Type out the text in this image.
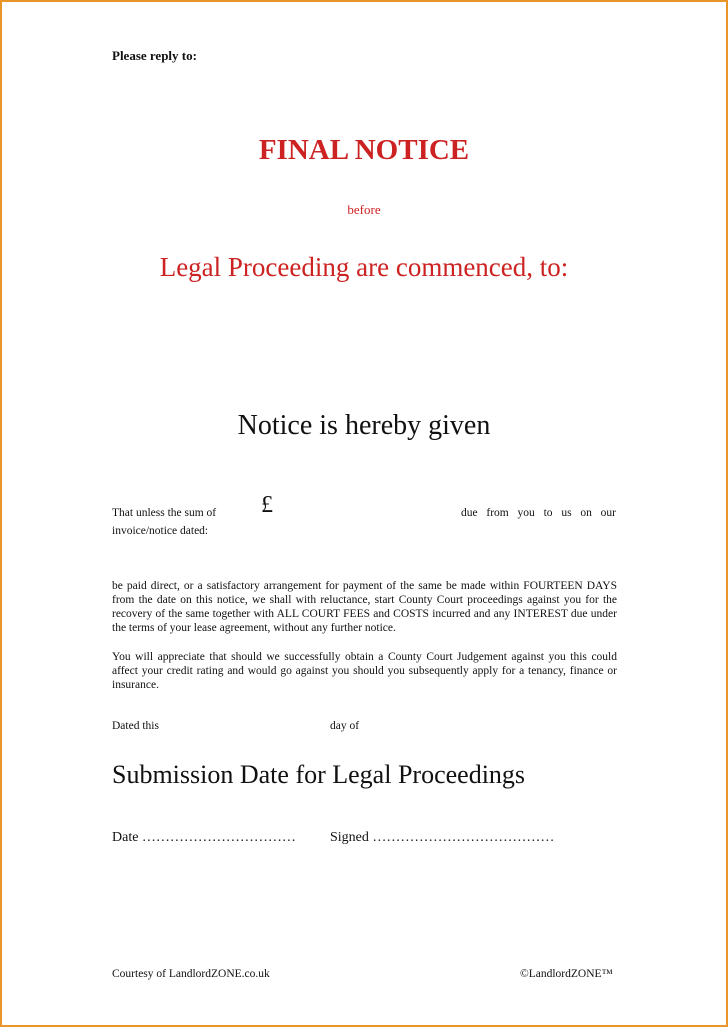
Please reply to:
FINAL NOTICE
before
Legal Proceeding are commenced, to:
Notice is hereby given
That unless the sum of £	due from you to us on our
invoice/notice dated:
be paid direct, or a satisfactory arrangement for payment of the same be made within FOURTEEN DAYS from the date on this notice, we shall with reluctance, start County Court proceedings against you for the recovery of the same together with ALL COURT FEES and COSTS incurred and any INTEREST due under the terms of your lease agreement, without any further notice.
You will appreciate that should we successfully obtain a County Court Judgement against you this could affect your credit rating and would go against you should you subsequently apply for a tenancy, finance or insurance.
Dated this	day of
Submission Date for Legal Proceedings
Date …………………………… Signed …………………………………
Courtesy of LandlordZONE.co.uk	©LandlordZONE™
